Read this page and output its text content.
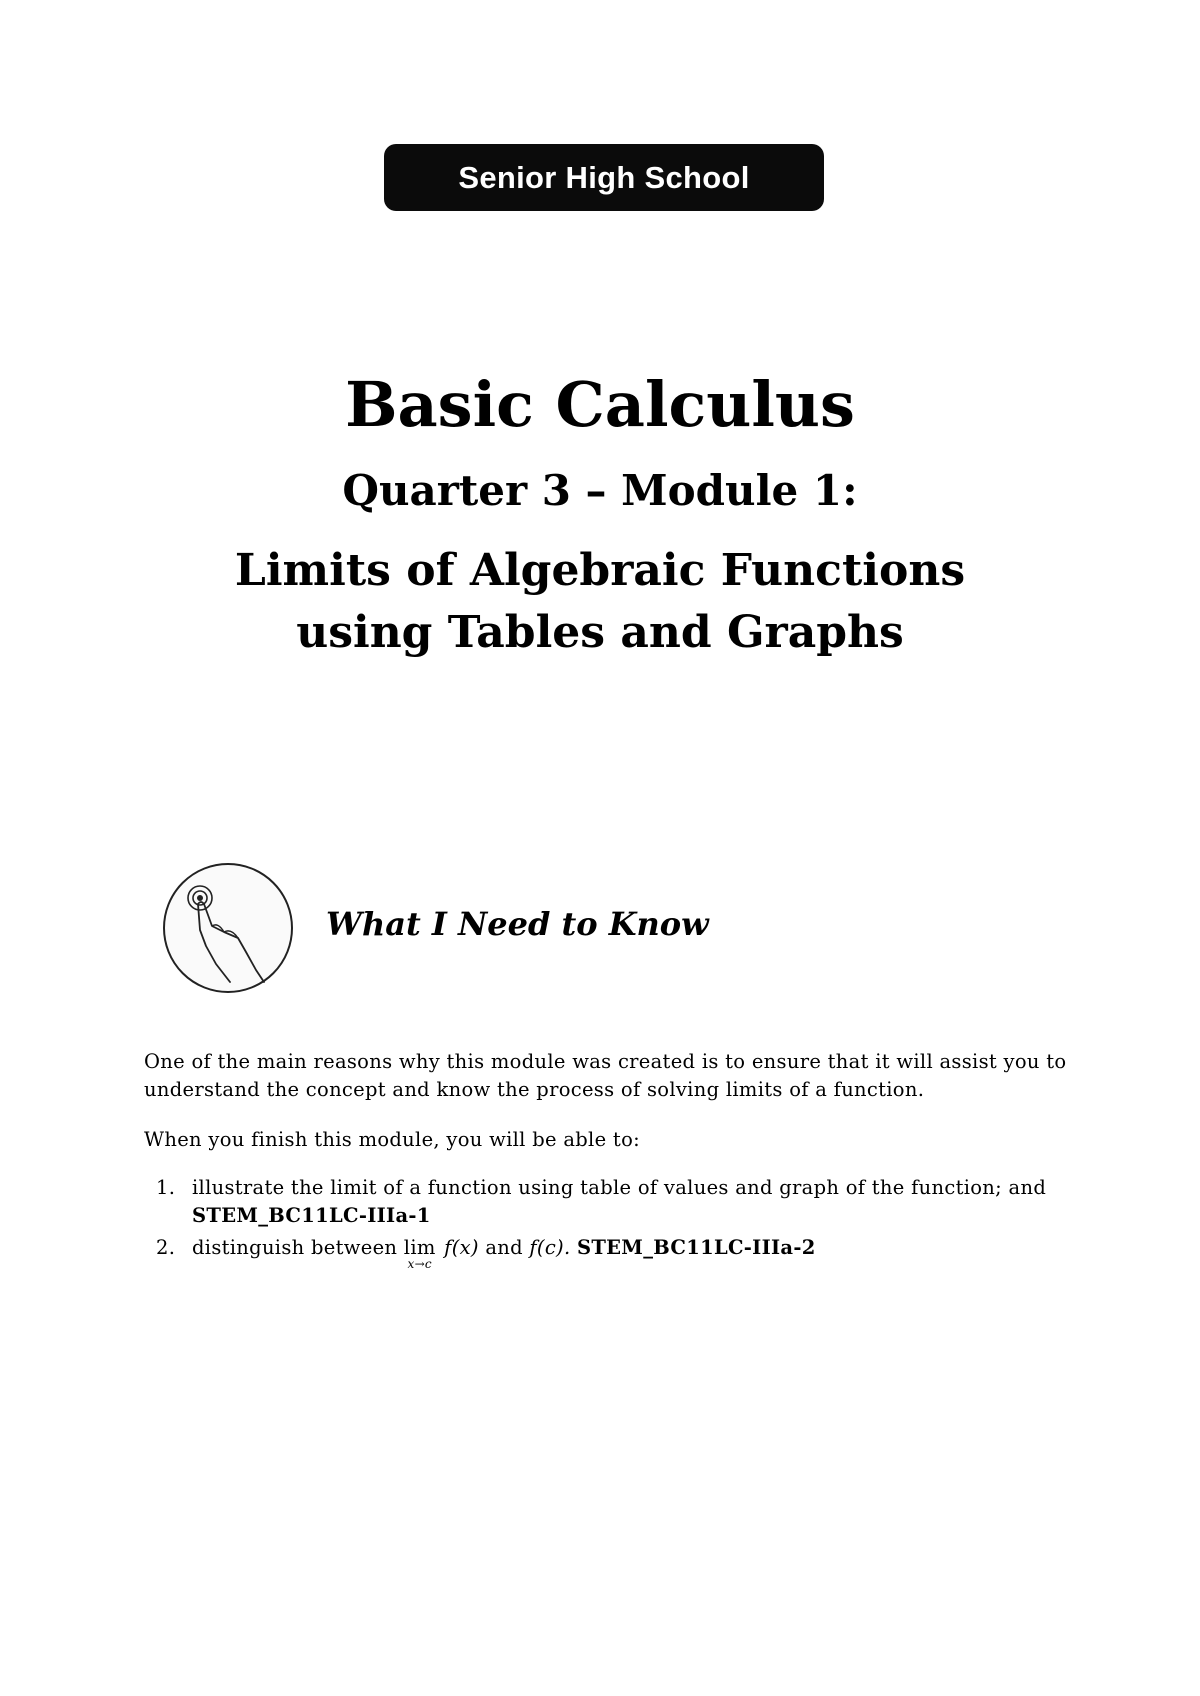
Senior High School
Basic Calculus
Quarter 3 – Module 1:
Limits of Algebraic Functions
using Tables and Graphs
What I Need to Know

One of the main reasons why this module was created is to ensure that it will assist you to understand the concept and know the process of solving limits of a function.

When you finish this module, you will be able to:

1. illustrate the limit of a function using table of values and graph of the function; and STEM_BC11LC-IIIa-1
2. distinguish between lim
x→c
f(x) and f(c). STEM_BC11LC-IIIa-2
